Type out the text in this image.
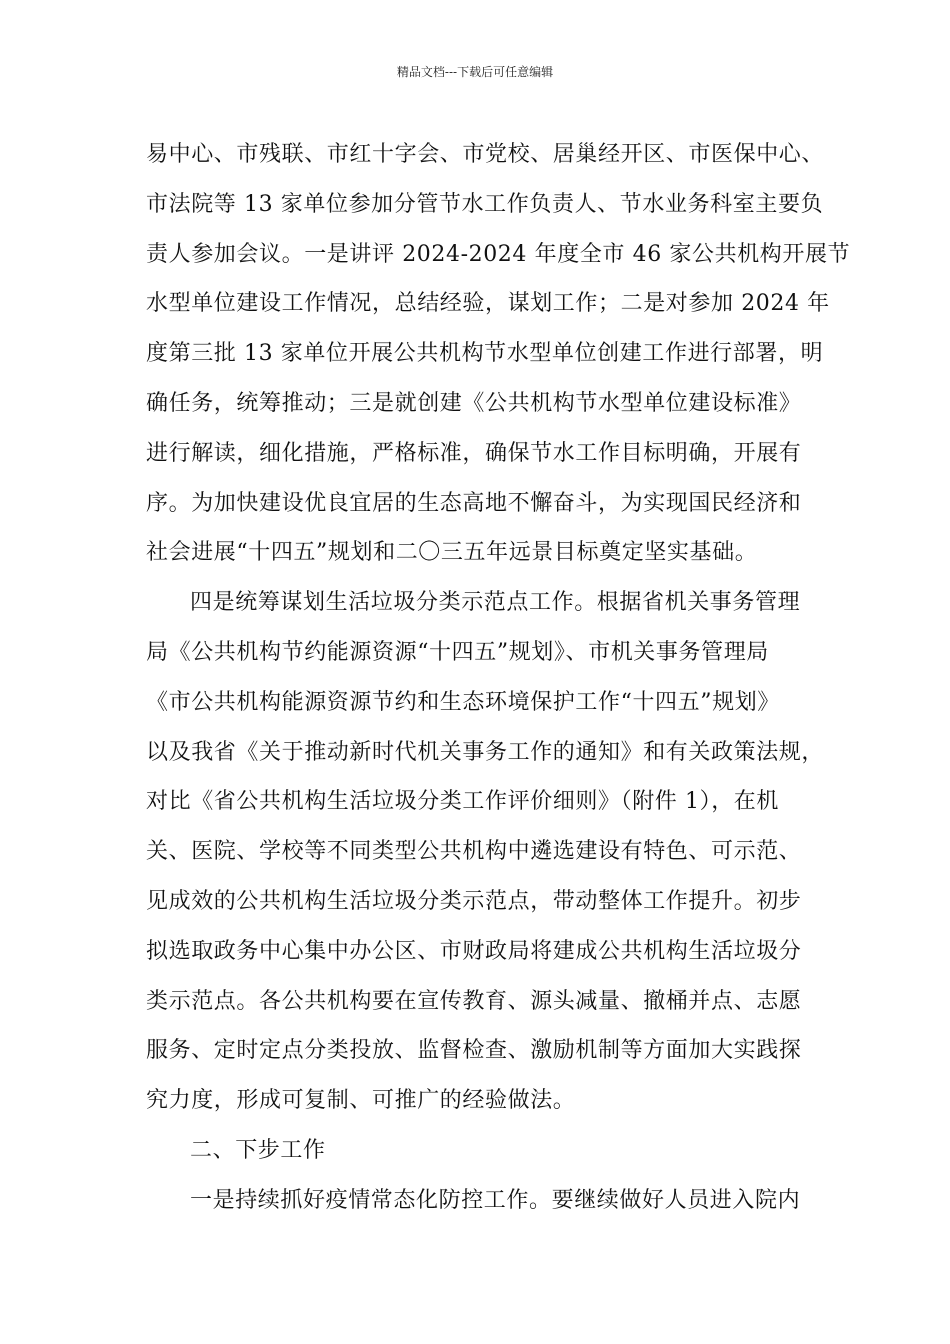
精品文档---下载后可任意编辑
易中心、市残联、市红十字会、市党校、居巢经开区、市医保中心、
市法院等 13 家单位参加分管节水工作负责人、节水业务科室主要负
责人参加会议。一是讲评 2024-2024 年度全市 46 家公共机构开展节
水型单位建设工作情况，总结经验，谋划工作；二是对参加 2024 年
度第三批 13 家单位开展公共机构节水型单位创建工作进行部署，明
确任务，统筹推动；三是就创建《公共机构节水型单位建设标准》
进行解读，细化措施，严格标准，确保节水工作目标明确，开展有
序。为加快建设优良宜居的生态高地不懈奋斗，为实现国民经济和
社会进展“十四五”规划和二〇三五年远景目标奠定坚实基础。
四是统筹谋划生活垃圾分类示范点工作。根据省机关事务管理
局《公共机构节约能源资源“十四五”规划》、市机关事务管理局
《市公共机构能源资源节约和生态环境保护工作“十四五”规划》
以及我省《关于推动新时代机关事务工作的通知》和有关政策法规，
对比《省公共机构生活垃圾分类工作评价细则》（附件 1），在机
关、医院、学校等不同类型公共机构中遴选建设有特色、可示范、
见成效的公共机构生活垃圾分类示范点，带动整体工作提升。初步
拟选取政务中心集中办公区、市财政局将建成公共机构生活垃圾分
类示范点。各公共机构要在宣传教育、源头减量、撤桶并点、志愿
服务、定时定点分类投放、监督检查、激励机制等方面加大实践探
究力度，形成可复制、可推广的经验做法。
二、下步工作
一是持续抓好疫情常态化防控工作。要继续做好人员进入院内
